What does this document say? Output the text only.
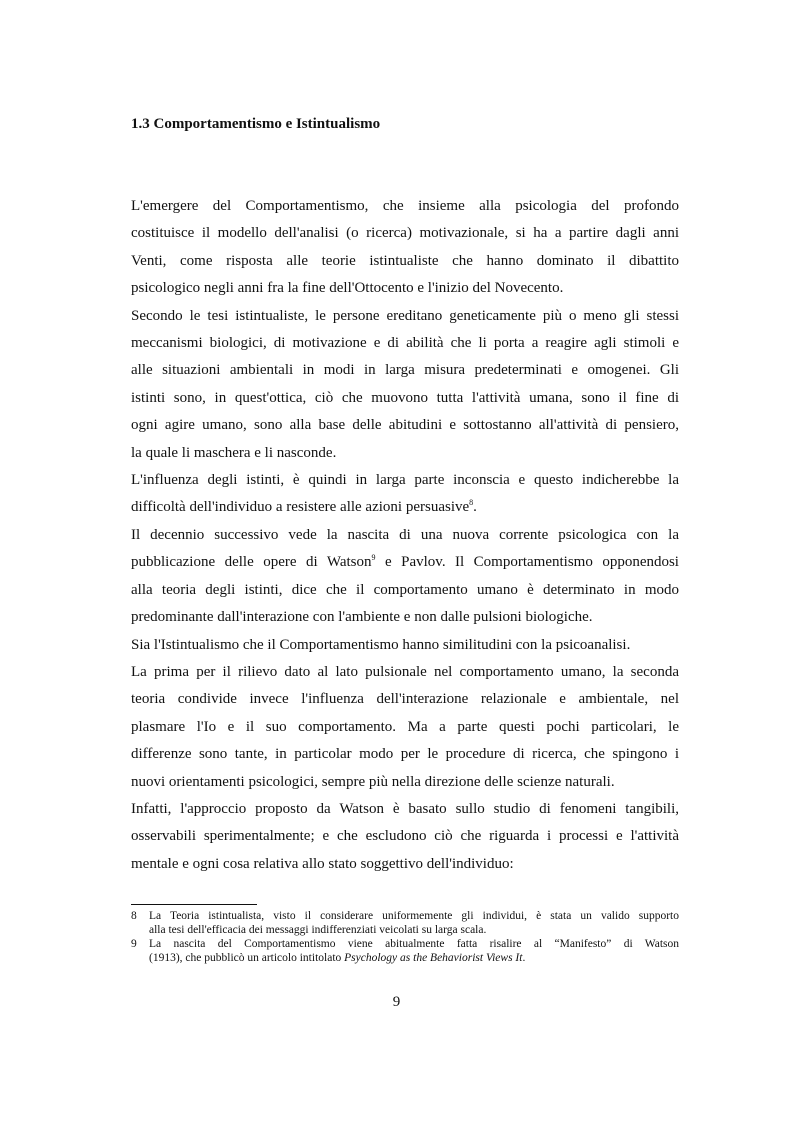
1.3 Comportamentismo e Istintualismo

L'emergere del Comportamentismo, che insieme alla psicologia del profondo
costituisce il modello dell'analisi (o ricerca) motivazionale, si ha a partire dagli anni
Venti, come risposta alle teorie istintualiste che hanno dominato il dibattito
psicologico negli anni fra la fine dell'Ottocento e l'inizio del Novecento.

Secondo le tesi istintualiste, le persone ereditano geneticamente più o meno gli stessi
meccanismi biologici, di motivazione e di abilità che li porta a reagire agli stimoli e
alle situazioni ambientali in modi in larga misura predeterminati e omogenei. Gli
istinti sono, in quest'ottica, ciò che muovono tutta l'attività umana, sono il fine di
ogni agire umano, sono alla base delle abitudini e sottostanno all'attività di pensiero,
la quale li maschera e li nasconde.

L'influenza degli istinti, è quindi in larga parte inconscia e questo indicherebbe la
difficoltà dell'individuo a resistere alle azioni persuasive$^8$.

Il decennio successivo vede la nascita di una nuova corrente psicologica con la
pubblicazione delle opere di Watson$^9$ e Pavlov. Il Comportamentismo opponendosi
alla teoria degli istinti, dice che il comportamento umano è determinato in modo
predominante dall'interazione con l'ambiente e non dalle pulsioni biologiche.

Sia l'Istintualismo che il Comportamentismo hanno similitudini con la psicoanalisi.
La prima per il rilievo dato al lato pulsionale nel comportamento umano, la seconda
teoria condivide invece l'influenza dell'interazione relazionale e ambientale, nel
plasmare l'Io e il suo comportamento. Ma a parte questi pochi particolari, le
differenze sono tante, in particolar modo per le procedure di ricerca, che spingono i
nuovi orientamenti psicologici, sempre più nella direzione delle scienze naturali.

Infatti, l'approccio proposto da Watson è basato sullo studio di fenomeni tangibili,
osservabili sperimentalmente; e che escludono ciò che riguarda i processi e l'attività
mentale e ogni cosa relativa allo stato soggettivo dell'individuo:

8 La Teoria istintualista, visto il considerare uniformemente gli individui, è stata un valido supporto
alla tesi dell'efficacia dei messaggi indifferenziati veicolati su larga scala.
9 La nascita del Comportamentismo viene abitualmente fatta risalire al “Manifesto” di Watson
(1913), che pubblicò un articolo intitolato Psychology as the Behaviorist Views It.
9
